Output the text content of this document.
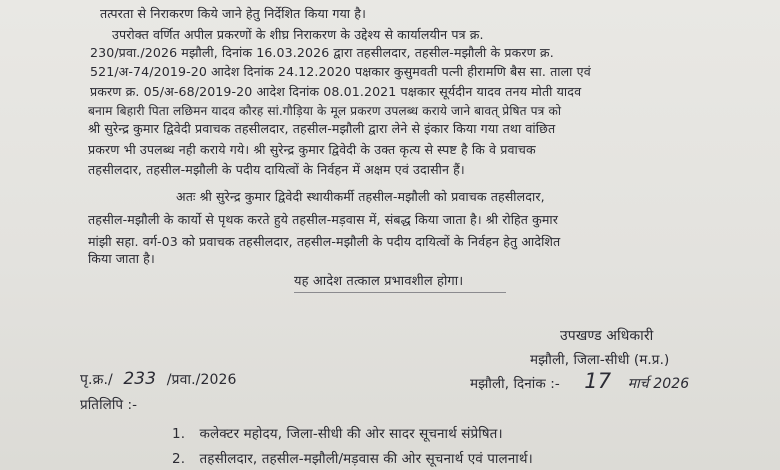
तत्परता से निराकरण किये जाने हेतु निर्देशित किया गया है।
उपरोक्त वर्णित अपील प्रकरणों के शीघ्र निराकरण के उद्देश्य से कार्यालयीन पत्र क्र.
230/प्रवा./2026 मझौली, दिनांक 16.03.2026 द्वारा तहसीलदार, तहसील-मझौली के प्रकरण क्र.
521/अ-74/2019-20 आदेश दिनांक 24.12.2020 पक्षकार कुसुमवती पत्नी हीरामणि बैस सा. ताला एवं
प्रकरण क्र. 05/अ-68/2019-20 आदेश दिनांक 08.01.2021 पक्षकार सूर्यदीन यादव तनय मोती यादव
बनाम बिहारी पिता लछिमन यादव कौरह सां.गौड़िया के मूल प्रकरण उपलब्ध कराये जाने बावत् प्रेषित पत्र को
श्री सुरेन्द्र कुमार द्विवेदी प्रवाचक तहसीलदार, तहसील-मझौली द्वारा लेने से इंकार किया गया तथा वांछित
प्रकरण भी उपलब्ध नही कराये गये। श्री सुरेन्द्र कुमार द्विवेदी के उक्त कृत्य से स्पष्ट है कि वे प्रवाचक
तहसीलदार, तहसील-मझौली के पदीय दायित्वों के निर्वहन में अक्षम एवं उदासीन हैं।
अतः श्री सुरेन्द्र कुमार द्विवेदी स्थायीकर्मी तहसील-मझौली को प्रवाचक तहसीलदार,
तहसील-मझौली के कार्यो से पृथक करते हुये तहसील-मड़वास में, संबद्ध किया जाता है। श्री रोहित कुमार
मांझी सहा. वर्ग-03 को प्रवाचक तहसीलदार, तहसील-मझौली के पदीय दायित्वों के निर्वहन हेतु आदेशित
किया जाता है।
यह आदेश तत्काल प्रभावशील होगा।
उपखण्ड अधिकारी
मझौली, जिला-सीधी (म.प्र.)
पृ.क्र./ 233 /प्रवा./2026	मझौली, दिनांक :- 17 मार्च 2026
प्रतिलिपि :-
1. कलेक्टर महोदय, जिला-सीधी की ओर सादर सूचनार्थ संप्रेषित।
2. तहसीलदार, तहसील-मझौली/मड़वास की ओर सूचनार्थ एवं पालनार्थ।
